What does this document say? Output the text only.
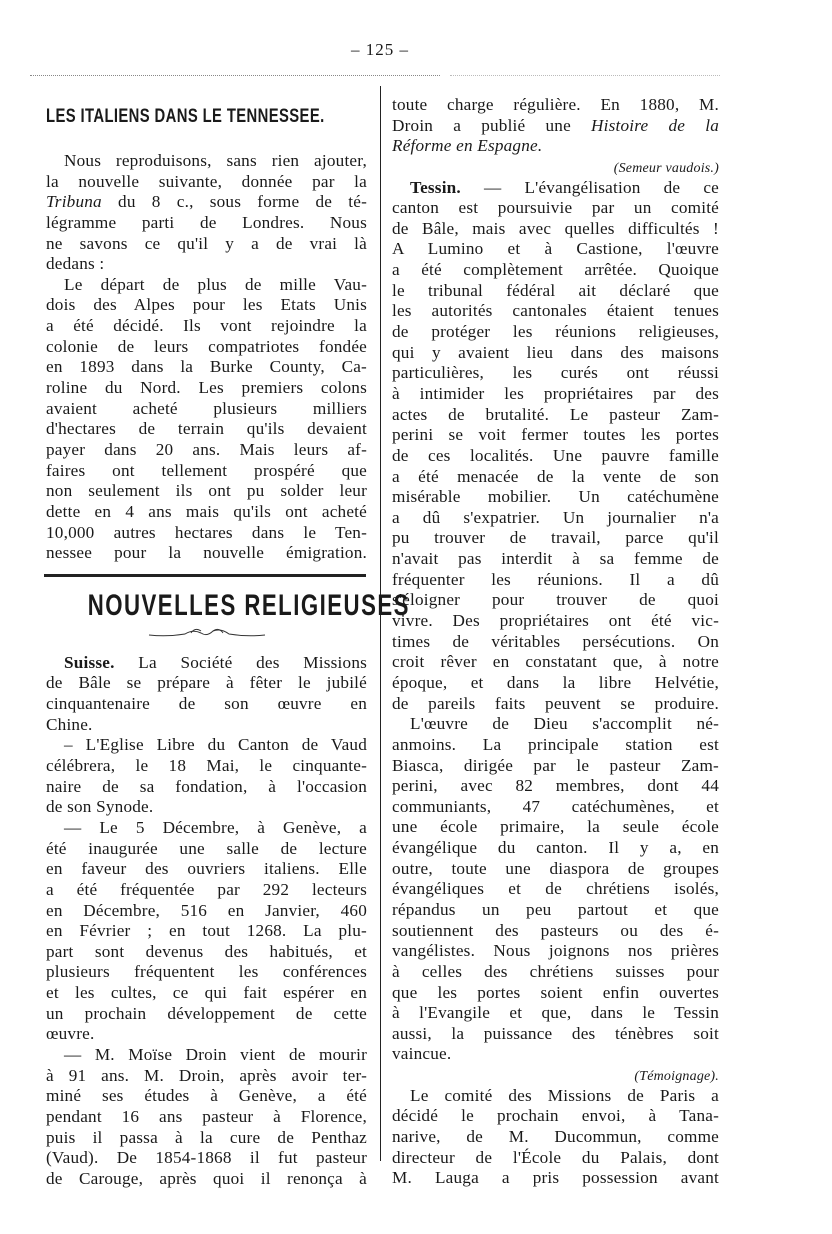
– 125 –
LES ITALIENS DANS LE TENNESSEE.
Nous reproduisons, sans rien ajouter,
la nouvelle suivante, donnée par la
Tribuna du 8 c., sous forme de té-
légramme parti de Londres. Nous
ne savons ce qu'il y a de vrai là
dedans :
Le départ de plus de mille Vau-
dois des Alpes pour les Etats Unis
a été décidé. Ils vont rejoindre la
colonie de leurs compatriotes fondée
en 1893 dans la Burke County, Ca-
roline du Nord. Les premiers colons
avaient acheté plusieurs milliers
d'hectares de terrain qu'ils devaient
payer dans 20 ans. Mais leurs af-
faires ont tellement prospéré que
non seulement ils ont pu solder leur
dette en 4 ans mais qu'ils ont acheté
10,000 autres hectares dans le Ten-
nessee pour la nouvelle émigration.
NOUVELLES RELIGIEUSES
Suisse. La Société des Missions
de Bâle se prépare à fêter le jubilé
cinquantenaire de son œuvre en
Chine.
– L'Eglise Libre du Canton de Vaud
célébrera, le 18 Mai, le cinquante-
naire de sa fondation, à l'occasion
de son Synode.
— Le 5 Décembre, à Genève, a
été inaugurée une salle de lecture
en faveur des ouvriers italiens. Elle
a été fréquentée par 292 lecteurs
en Décembre, 516 en Janvier, 460
en Février ; en tout 1268. La plu-
part sont devenus des habitués, et
plusieurs fréquentent les conférences
et les cultes, ce qui fait espérer en
un prochain développement de cette
œuvre.
— M. Moïse Droin vient de mourir
à 91 ans. M. Droin, après avoir ter-
miné ses études à Genève, a été
pendant 16 ans pasteur à Florence,
puis il passa à la cure de Penthaz
(Vaud). De 1854-1868 il fut pasteur
de Carouge, après quoi il renonça à
toute charge régulière. En 1880, M.
Droin a publié une Histoire de la
Réforme en Espagne.
(Semeur vaudois.)
Tessin. — L'évangélisation de ce
canton est poursuivie par un comité
de Bâle, mais avec quelles difficultés !
A Lumino et à Castione, l'œuvre
a été complètement arrêtée. Quoique
le tribunal fédéral ait déclaré que
les autorités cantonales étaient tenues
de protéger les réunions religieuses,
qui y avaient lieu dans des maisons
particulières, les curés ont réussi
à intimider les propriétaires par des
actes de brutalité. Le pasteur Zam-
perini se voit fermer toutes les portes
de ces localités. Une pauvre famille
a été menacée de la vente de son
misérable mobilier. Un catéchumène
a dû s'expatrier. Un journalier n'a
pu trouver de travail, parce qu'il
n'avait pas interdit à sa femme de
fréquenter les réunions. Il a dû
s'éloigner pour trouver de quoi
vivre. Des propriétaires ont été vic-
times de véritables persécutions. On
croit rêver en constatant que, à notre
époque, et dans la libre Helvétie,
de pareils faits peuvent se produire.
L'œuvre de Dieu s'accomplit né-
anmoins. La principale station est
Biasca, dirigée par le pasteur Zam-
perini, avec 82 membres, dont 44
communiants, 47 catéchumènes, et
une école primaire, la seule école
évangélique du canton. Il y a, en
outre, toute une diaspora de groupes
évangéliques et de chrétiens isolés,
répandus un peu partout et que
soutiennent des pasteurs ou des é-
vangélistes. Nous joignons nos prières
à celles des chrétiens suisses pour
que les portes soient enfin ouvertes
à l'Evangile et que, dans le Tessin
aussi, la puissance des ténèbres soit
vaincue.
(Témoignage).
Le comité des Missions de Paris a
décidé le prochain envoi, à Tana-
narive, de M. Ducommun, comme
directeur de l'École du Palais, dont
M. Lauga a pris possession avant
